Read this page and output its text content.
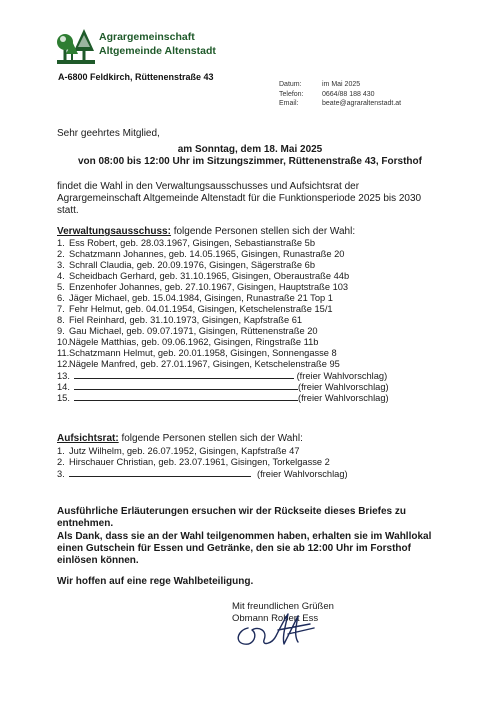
Agrargemeinschaft
Altgemeinde Altenstadt
A-6800 Feldkirch, Rüttenenstraße 43
Datum:	im Mai 2025
Telefon:	0664/88 188 430
Email:	beate@agraraltenstadt.at
Sehr geehrtes Mitglied,
am Sonntag, dem 18. Mai 2025
von 08:00 bis 12:00 Uhr im Sitzungszimmer, Rüttenenstraße 43, Forsthof
findet die Wahl in den Verwaltungsausschusses und Aufsichtsrat der
Agrargemeinschaft Altgemeinde Altenstadt für die Funktionsperiode 2025 bis 2030
statt.
Verwaltungsausschuss: folgende Personen stellen sich der Wahl:
1. Ess Robert, geb. 28.03.1967, Gisingen, Sebastianstraße 5b
2. Schatzmann Johannes, geb. 14.05.1965, Gisingen, Runastraße 20
3. Schrall Claudia, geb. 20.09.1976, Gisingen, Sägerstraße 6b
4. Scheidbach Gerhard, geb. 31.10.1965, Gisingen, Oberaustraße 44b
5. Enzenhofer Johannes, geb. 27.10.1967, Gisingen, Hauptstraße 103
6. Jäger Michael, geb. 15.04.1984, Gisingen, Runastraße 21 Top 1
7. Fehr Helmut, geb. 04.01.1954, Gisingen, Ketschelenstraße 15/1
8. Fiel Reinhard, geb. 31.10.1973, Gisingen, Kapfstraße 61
9. Gau Michael, geb. 09.07.1971, Gisingen, Rüttenenstraße 20
10.Nägele Matthias, geb. 09.06.1962, Gisingen, Ringstraße 11b
11.Schatzmann Helmut, geb. 20.01.1958, Gisingen, Sonnengasse 8
12.Nägele Manfred, geb. 27.01.1967, Gisingen, Ketschelenstraße 95
13.	(freier Wahlvorschlag)
14.	(freier Wahlvorschlag)
15.	(freier Wahlvorschlag)
Aufsichtsrat: folgende Personen stellen sich der Wahl:
1. Jutz Wilhelm, geb. 26.07.1952, Gisingen, Kapfstraße 47
2. Hirschauer Christian, geb. 23.07.1961, Gisingen, Torkelgasse 2
3.	(freier Wahlvorschlag)
Ausführliche Erläuterungen ersuchen wir der Rückseite dieses Briefes zu
entnehmen.
Als Dank, dass sie an der Wahl teilgenommen haben, erhalten sie im Wahllokal
einen Gutschein für Essen und Getränke, den sie ab 12:00 Uhr im Forsthof
einlösen können.
Wir hoffen auf eine rege Wahlbeteiligung.
Mit freundlichen Grüßen
Obmann Robert Ess
